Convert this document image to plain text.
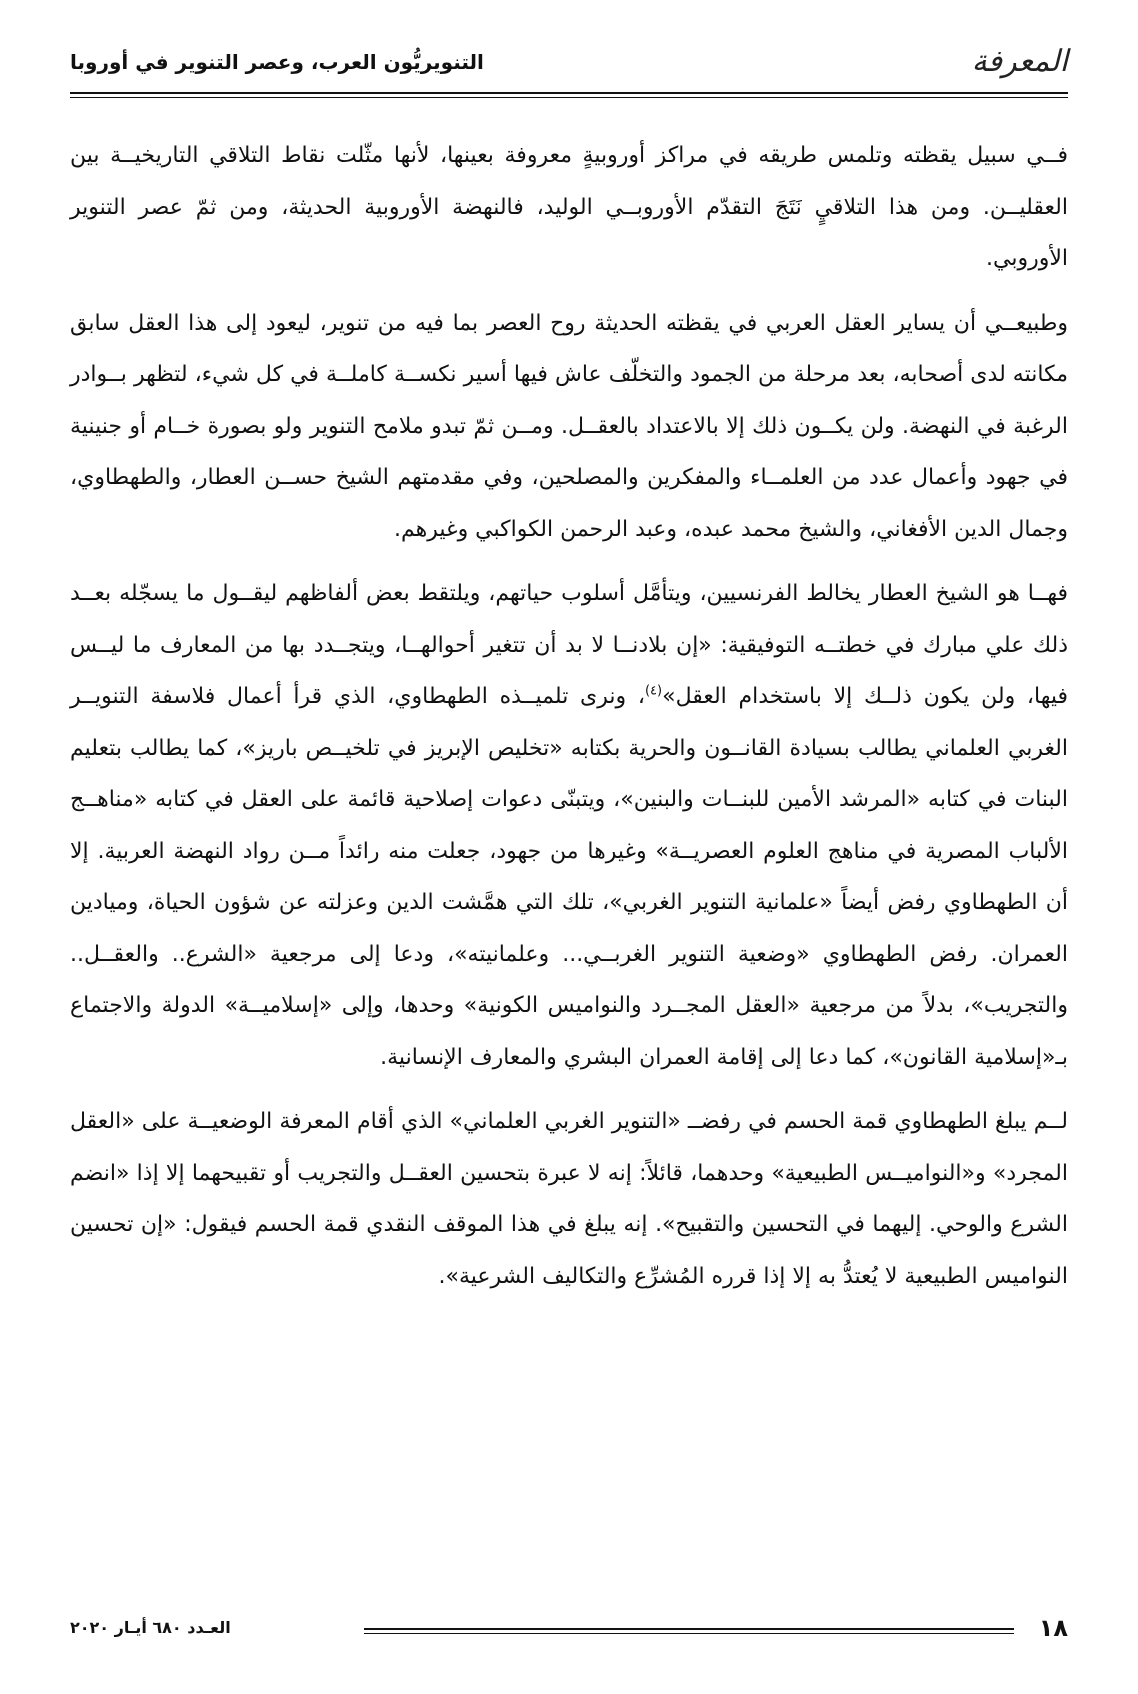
المعرفة
التنويريُّون العرب، وعصر التنوير في أوروبا

فــي سبيل يقظته وتلمس طريقه في مراكز أوروبيةٍ معروفة بعينها، لأنها مثّلت نقاط التلاقي التاريخيــة بين العقليــن. ومن هذا التلاقيٍ نَتَجَ التقدّم الأوروبــي الوليد، فالنهضة الأوروبية الحديثة، ومن ثمّ عصر التنوير الأوروبي.

وطبيعــي أن يساير العقل العربي في يقظته الحديثة روح العصر بما فيه من تنوير، ليعود إلى هذا العقل سابق مكانته لدى أصحابه، بعد مرحلة من الجمود والتخلّف عاش فيها أسير نكســة كاملــة في كل شيء، لتظهر بــوادر الرغبة في النهضة. ولن يكــون ذلك إلا بالاعتداد بالعقــل. ومــن ثمّ تبدو ملامح التنوير ولو بصورة خــام أو جنينية في جهود وأعمال عدد من العلمــاء والمفكرين والمصلحين، وفي مقدمتهم الشيخ حســن العطار، والطهطاوي، وجمال الدين الأفغاني، والشيخ محمد عبده، وعبد الرحمن الكواكبي وغيرهم.

فهــا هو الشيخ العطار يخالط الفرنسيين، ويتأمَّل أسلوب حياتهم، ويلتقط بعض ألفاظهم ليقــول ما يسجّله بعــد ذلك علي مبارك في خطتــه التوفيقية: «إن بلادنــا لا بد أن تتغير أحوالهــا، ويتجــدد بها من المعارف ما ليــس فيها، ولن يكون ذلــك إلا باستخدام العقل»$^{(٤)}$، ونرى تلميــذه الطهطاوي، الذي قرأ أعمال فلاسفة التنويــر الغربي العلماني يطالب بسيادة القانــون والحرية بكتابه «تخليص الإبريز في تلخيــص باريز»، كما يطالب بتعليم البنات في كتابه «المرشد الأمين للبنــات والبنين»، ويتبنّى دعوات إصلاحية قائمة على العقل في كتابه «مناهــج الألباب المصرية في مناهج العلوم العصريــة» وغيرها من جهود، جعلت منه رائداً مــن رواد النهضة العربية. إلا أن الطهطاوي رفض أيضاً «علمانية التنوير الغربي»، تلك التي همَّشت الدين وعزلته عن شؤون الحياة، وميادين العمران. رفض الطهطاوي «وضعية التنوير الغربــي... وعلمانيته»، ودعا إلى مرجعية «الشرع.. والعقــل.. والتجريب»، بدلاً من مرجعية «العقل المجــرد والنواميس الكونية» وحدها، وإلى «إسلاميــة» الدولة والاجتماع بـ«إسلامية القانون»، كما دعا إلى إقامة العمران البشري والمعارف الإنسانية.

لــم يبلغ الطهطاوي قمة الحسم في رفضــ «التنوير الغربي العلماني» الذي أقام المعرفة الوضعيــة على «العقل المجرد» و«النواميــس الطبيعية» وحدهما، قائلاً: إنه لا عبرة بتحسين العقــل والتجريب أو تقبيحهما إلا إذا «انضم الشرع والوحي. إليهما في التحسين والتقبيح». إنه يبلغ في هذا الموقف النقدي قمة الحسم فيقول: «إن تحسين النواميس الطبيعية لا يُعتدُّ به إلا إذا قرره المُشرِّع والتكاليف الشرعية».

١٨
العـدد ٦٨٠ أيـار ٢٠٢٠
